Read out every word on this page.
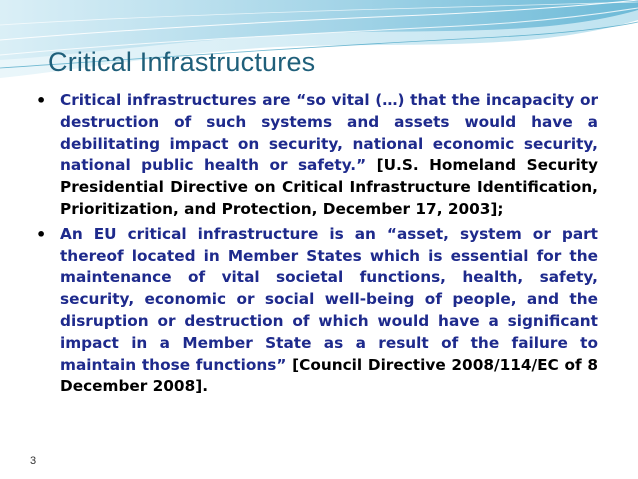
Critical Infrastructures
• Critical infrastructures are “so vital (…) that the incapacity or destruction of such systems and assets would have a debilitating impact on security, national economic security, national public health or safety.” [U.S. Homeland Security Presidential Directive on Critical Infrastructure Identification, Prioritization, and Protection, December 17, 2003];
• An EU critical infrastructure is an “asset, system or part thereof located in Member States which is essential for the maintenance of vital societal functions, health, safety, security, economic or social well-being of people, and the disruption or destruction of which would have a significant impact in a Member State as a result of the failure to maintain those functions” [Council Directive 2008/114/EC of 8 December 2008].
3
